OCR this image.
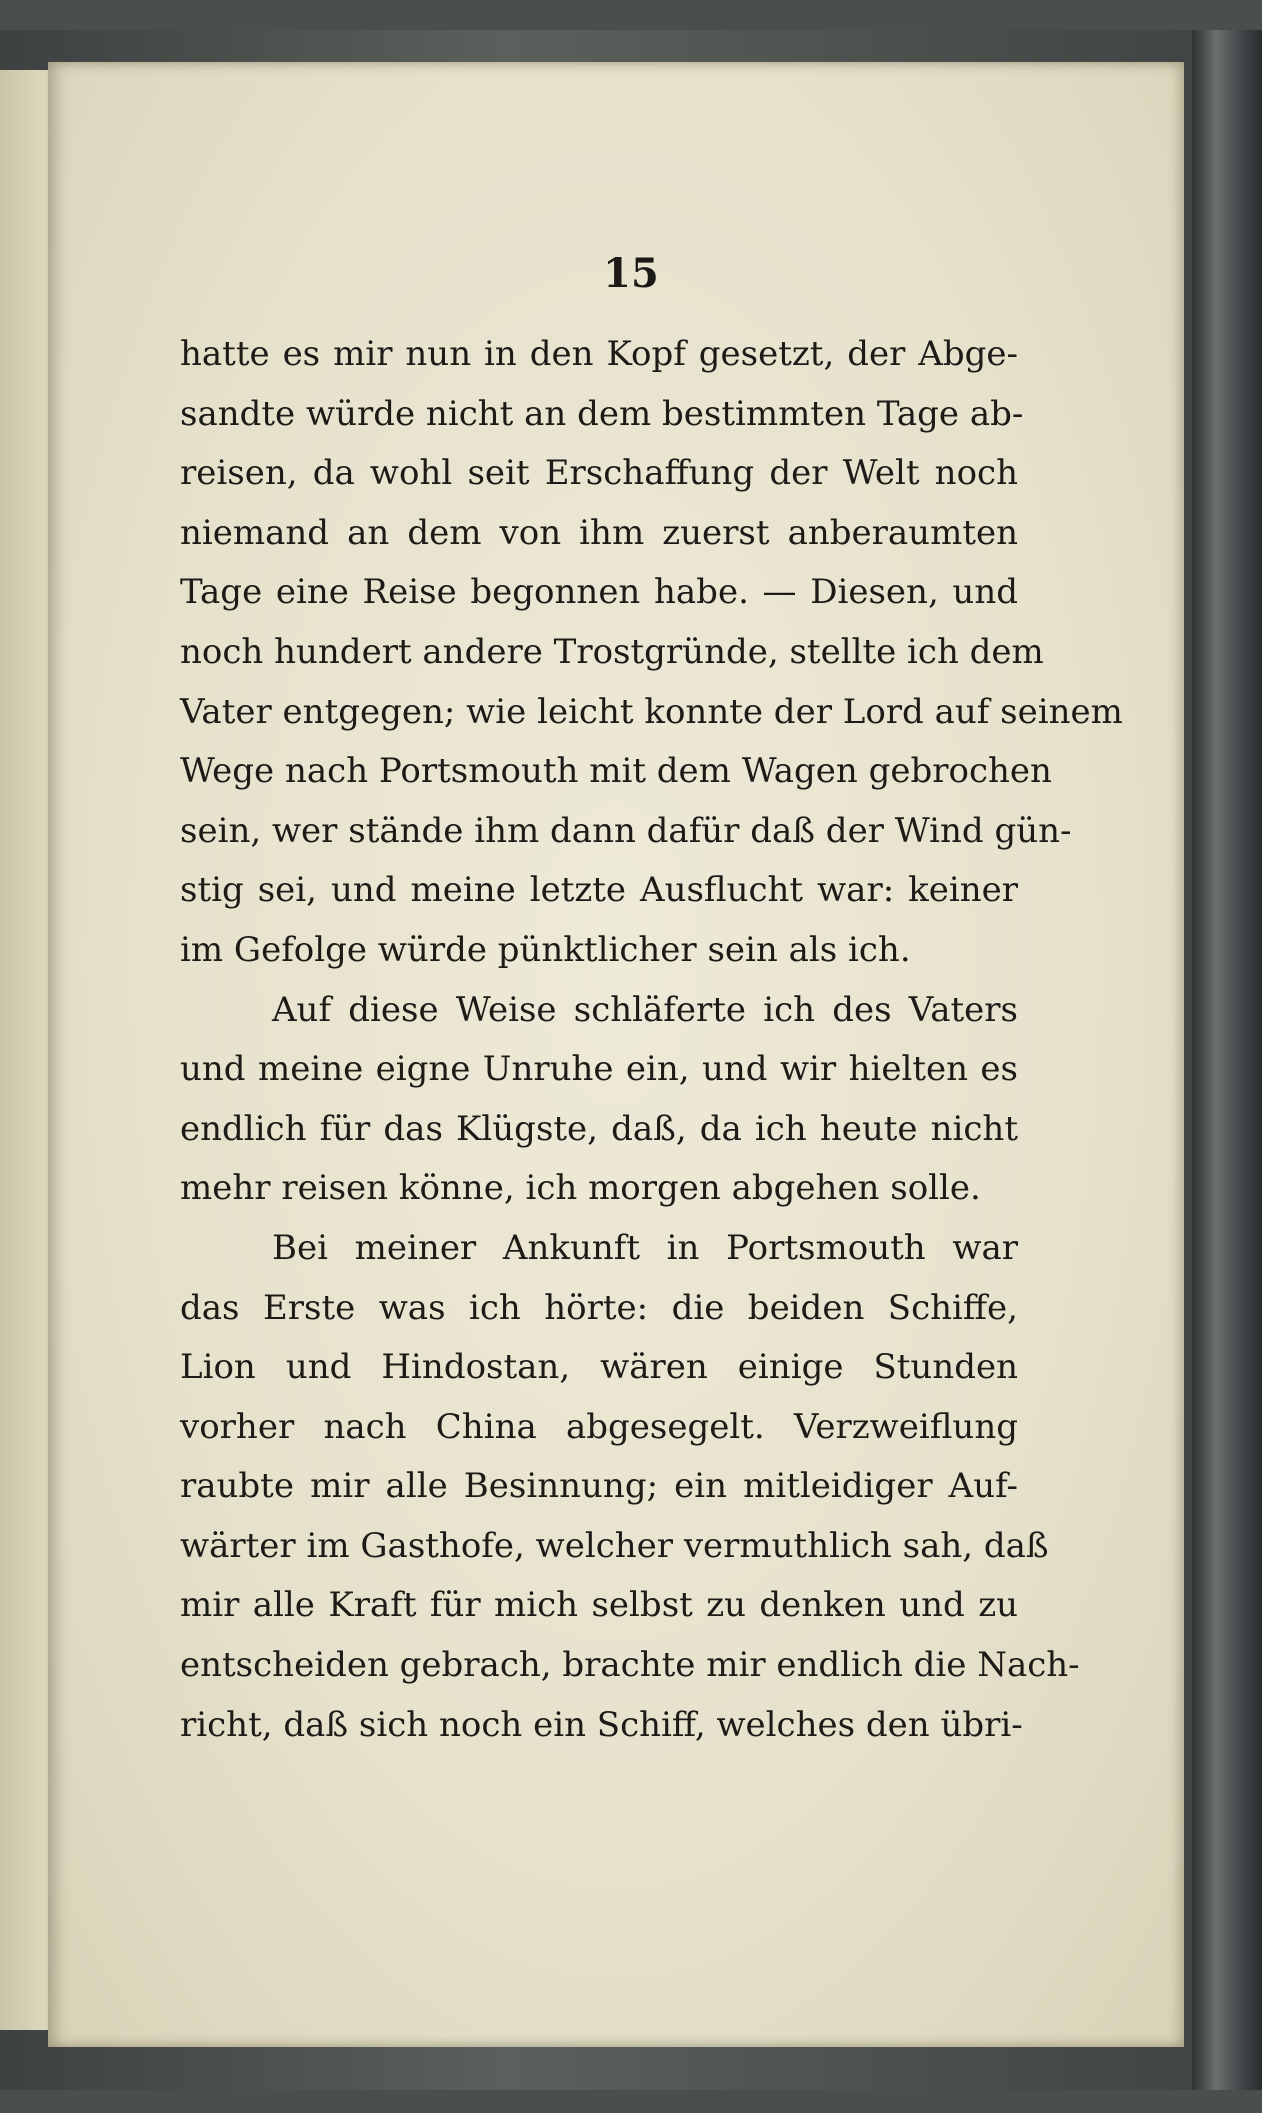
15
hatte es mir nun in den Kopf gesetzt, der Abge-
sandte würde nicht an dem bestimmten Tage ab-
reisen, da wohl seit Erschaffung der Welt noch
niemand an dem von ihm zuerst anberaumten
Tage eine Reise begonnen habe. — Diesen, und
noch hundert andere Trostgründe, stellte ich dem
Vater entgegen; wie leicht konnte der Lord auf seinem
Wege nach Portsmouth mit dem Wagen gebrochen
sein, wer stände ihm dann dafür daß der Wind gün-
stig sei, und meine letzte Ausflucht war: keiner
im Gefolge würde pünktlicher sein als ich.
Auf diese Weise schläferte ich des Vaters
und meine eigne Unruhe ein, und wir hielten es
endlich für das Klügste, daß, da ich heute nicht
mehr reisen könne, ich morgen abgehen solle.
Bei meiner Ankunft in Portsmouth war
das Erste was ich hörte: die beiden Schiffe,
Lion und Hindostan, wären einige Stunden
vorher nach China abgesegelt. Verzweiflung
raubte mir alle Besinnung; ein mitleidiger Auf-
wärter im Gasthofe, welcher vermuthlich sah, daß
mir alle Kraft für mich selbst zu denken und zu
entscheiden gebrach, brachte mir endlich die Nach-
richt, daß sich noch ein Schiff, welches den übri-
